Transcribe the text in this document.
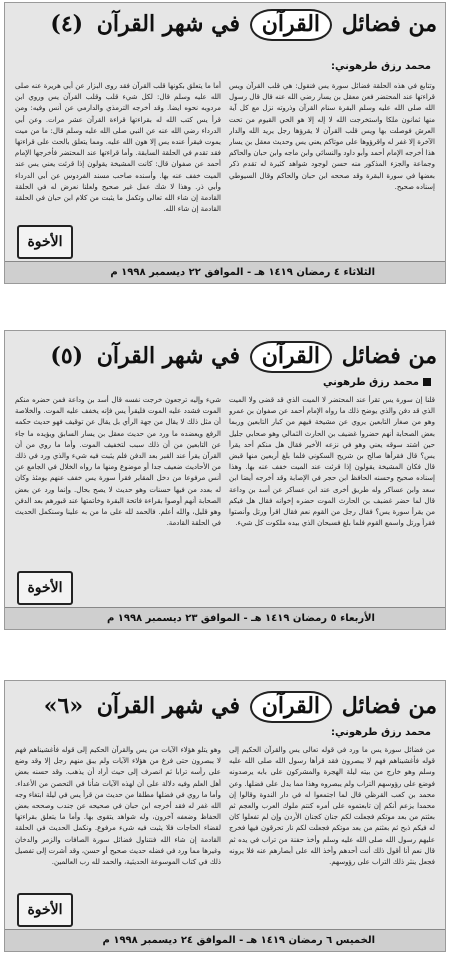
من فضائل القرآن في شهر القرآن (٤)
محمد رزق طرهوني:
وتتابع في هذه الحلقة فضائل سورة يس فنقول: هي قلب القرآن ويس قراءتها عند المحتضر فعن معقل بن يسار رضي الله عنه قال قال رسول الله صلى الله عليه وسلم البقرة سنام القرآن وذروته نزل مع كل آية منها ثمانون ملكا واستخرجت الله لا إله إلا هو الحي القيوم من تحت العرش فوصلت بها ويس قلب القرآن لا يقرؤها رجل يريد الله والدار الآخرة إلا غفر له واقرؤوها على موتاكم يعني يس وحديث معقل بن يسار هذا أخرجه الإمام أحمد وأبو داود والنسائي وابن ماجه وابن حبان والحاكم وجماعة والجزء المذكور منه حسن لوجود شواهد كثيرة له تقدم ذكر بعضها في سورة البقرة وقد صححه ابن حبان والحاكم وقال السيوطي إسناده صحيح.
أما ما يتعلق بكونها قلب القرآن فقد روى البزار عن أبي هريرة عنه صلى الله عليه وسلم قال: لكل شيء قلب وقلب القرآن يس وروي ابن مردويه نحوه ايضا. وقد أخرجه الترمذي والدارمي عن أنس وفيه: ومن قرأ يس كتب الله له بقراءتها قراءة القرآن عشر مرات. وعن أبي الدرداء رضي الله عنه عن النبي صلى الله عليه وسلم قال: ما من ميت يموت فيقرأ عنده يس إلا هون الله عليه. ومما يتعلق بالحث على قراءتها فقد تقدم في الحلقة السابقة. وأما قراءتها عند المحتضر فأخرجها الإمام أحمد عن صفوان قال: كانت المشيخة يقولون إذا قرئت يعني يس عند الميت خفف عنه بها. وأسنده صاحب مسند الفردوس عن أبي الدرداء وأبي ذر. وهذا لا شك عمل غير صحيح ولعلنا نعرض له في الحلقة القادمة إن شاء الله تعالى وتكمل ما يثبت من كلام ابن حبان في الحلقة القادمة إن شاء الله.
الأخوة
الثلاثاء ٤ رمضان ١٤١٩ هـ - الموافق ٢٢ ديسمبر ١٩٩٨ م
من فضائل القرآن في شهر القرآن (٥)
محمد رزق طرهوني
قلنا إن سورة يس تقرأ عند المحتضر لا الميت الذي قد قضى ولا الميت الذي قد دفن والذي يوضح ذلك ما رواه الإمام أحمد عن صفوان بن عمرو وهو من صغار التابعين يروي عن مشيخة فيهم من كبار التابعين وربما بعض الصحابة أنهم حضروا غضيف بن الحارث الثمالي وهو صحابي جليل حين اشتد سوقه يعني وهو في نزعه الأخير فقال هل منكم أحد يقرأ يس؟ قال فقرأها صالح بن شريح السكوني فلما بلغ أربعين منها قبض قال فكان المشيخة يقولون إذا قرئت عند الميت خفف عنه بها. وهذا إسناده صحيح وحسنه الحافظ ابن حجر في الإصابة وقد أخرجه أيضا ابن سعد وابن عساكر وله طريق أخرى عند ابن عساكر عن أسد بن وداعة قال لما حضر غضيف بن الحارث الموت حضره إخوانه فقال هل فيكم من يقرأ سورة يس؟ فقال رجل من القوم نعم فقال اقرأ ورتل وأنصتوا فقرأ ورتل واسمع القوم فلما بلغ فسبحان الذي بيده ملكوت كل شيء.
شيء وإليه ترجعون خرجت نفسه قال أسد بن وداعة فمن حضره منكم الموت فشدد عليه الموت فليقرأ يس فإنه يخفف عليه الموت. والخلاصة أن مثل ذلك لا يقال من جهة الرأي بل يقال عن توقيف فهو حديث حكمه الرفع ويعضده ما ورد من حديث معقل بن يسار السابق ويؤيده ما جاء عن التابعين من أن ذلك سبب لتخفيف الموت. وأما ما روي من أن القرآن يقرأ عند القبر بعد الدفن فلم يثبت فيه شيء والذي ورد في ذلك من الأحاديث ضعيف جدا أو موضوع ومنها ما رواه الخلال في الجامع عن أنس مرفوعا من دخل المقابر فقرأ سورة يس خفف عنهم يومئذ وكان له بعدد من فيها حسنات وهو حديث لا يصح بحال. وإنما ورد عن بعض الصحابة أنهم أوصوا بقراءة فاتحة البقرة وخاتمتها عند قبورهم بعد الدفن وهو قليل، والله أعلم. فالحمد لله على ما من به علينا وسنكمل الحديث في الحلقة القادمة.
الأخوة
الأربعاء ٥ رمضان ١٤١٩ هـ - الموافق ٢٣ ديسمبر ١٩٩٨ م
من فضائل القرآن في شهر القرآن «٦»
محمد رزق طرهوني:
من فضائل سورة يس ما ورد في قوله تعالى يس والقرآن الحكيم إلى قوله فأغشيناهم فهم لا يبصرون فقد قرأها رسول الله صلى الله عليه وسلم وهو خارج من بيته ليلة الهجرة والمشركون على بابه يرصدونه فوضع على رؤوسهم التراب ولم يبصروه وهذا مما يدل على فضلها. وعن محمد بن كعب القرظي قال لما اجتمعوا له في دار الندوة وقالوا إن محمدا يزعم أنكم إن تابعتموه على أمره كنتم ملوك العرب والعجم ثم بعثتم من بعد موتكم فجعلت لكم جنان كجنان الأردن وإن لم تفعلوا كان له فيكم ذبح ثم بعثتم من بعد موتكم فجعلت لكم نار تحرقون فيها فخرج عليهم رسول الله صلى الله عليه وسلم وأخذ حفنة من تراب في يده ثم قال نعم أنا أقول ذلك أنت أحدهم وأخذ الله على أبصارهم عنه فلا يرونه فجعل ينثر ذلك التراب على رؤوسهم.
وهو يتلو هؤلاء الآيات من يس والقرآن الحكيم إلى قوله فأغشيناهم فهم لا يبصرون حتى فرغ من هؤلاء الآيات ولم يبق منهم رجل إلا وقد وضع على رأسه ترابا ثم انصرف إلى حيث أراد أن يذهب. وقد حسنه بعض أهل العلم وفيه دلالة على أن لهذه الآيات شأنا في التحصن من الأعداء. وأما ما روي في فضلها مطلقا من حديث من قرأ يس في ليلة ابتغاء وجه الله غفر له فقد أخرجه ابن حبان في صحيحه عن جندب وصححه بعض الحفاظ وضعفه آخرون، وله شواهد يتقوى بها. وأما ما يتعلق بقراءتها لقضاء الحاجات فلا يثبت فيه شيء مرفوع. ونكمل الحديث في الحلقة القادمة إن شاء الله فنتناول فضائل سورة الصافات والزمر والدخان وغيرها مما ورد في فضله حديث صحيح أو حسن، وقد أشرت إلى تفصيل ذلك في كتاب الموسوعة الحديثية، والحمد لله رب العالمين.
الأخوة
الخميس ٦ رمضان ١٤١٩ هـ - الموافق ٢٤ ديسمبر ١٩٩٨ م
